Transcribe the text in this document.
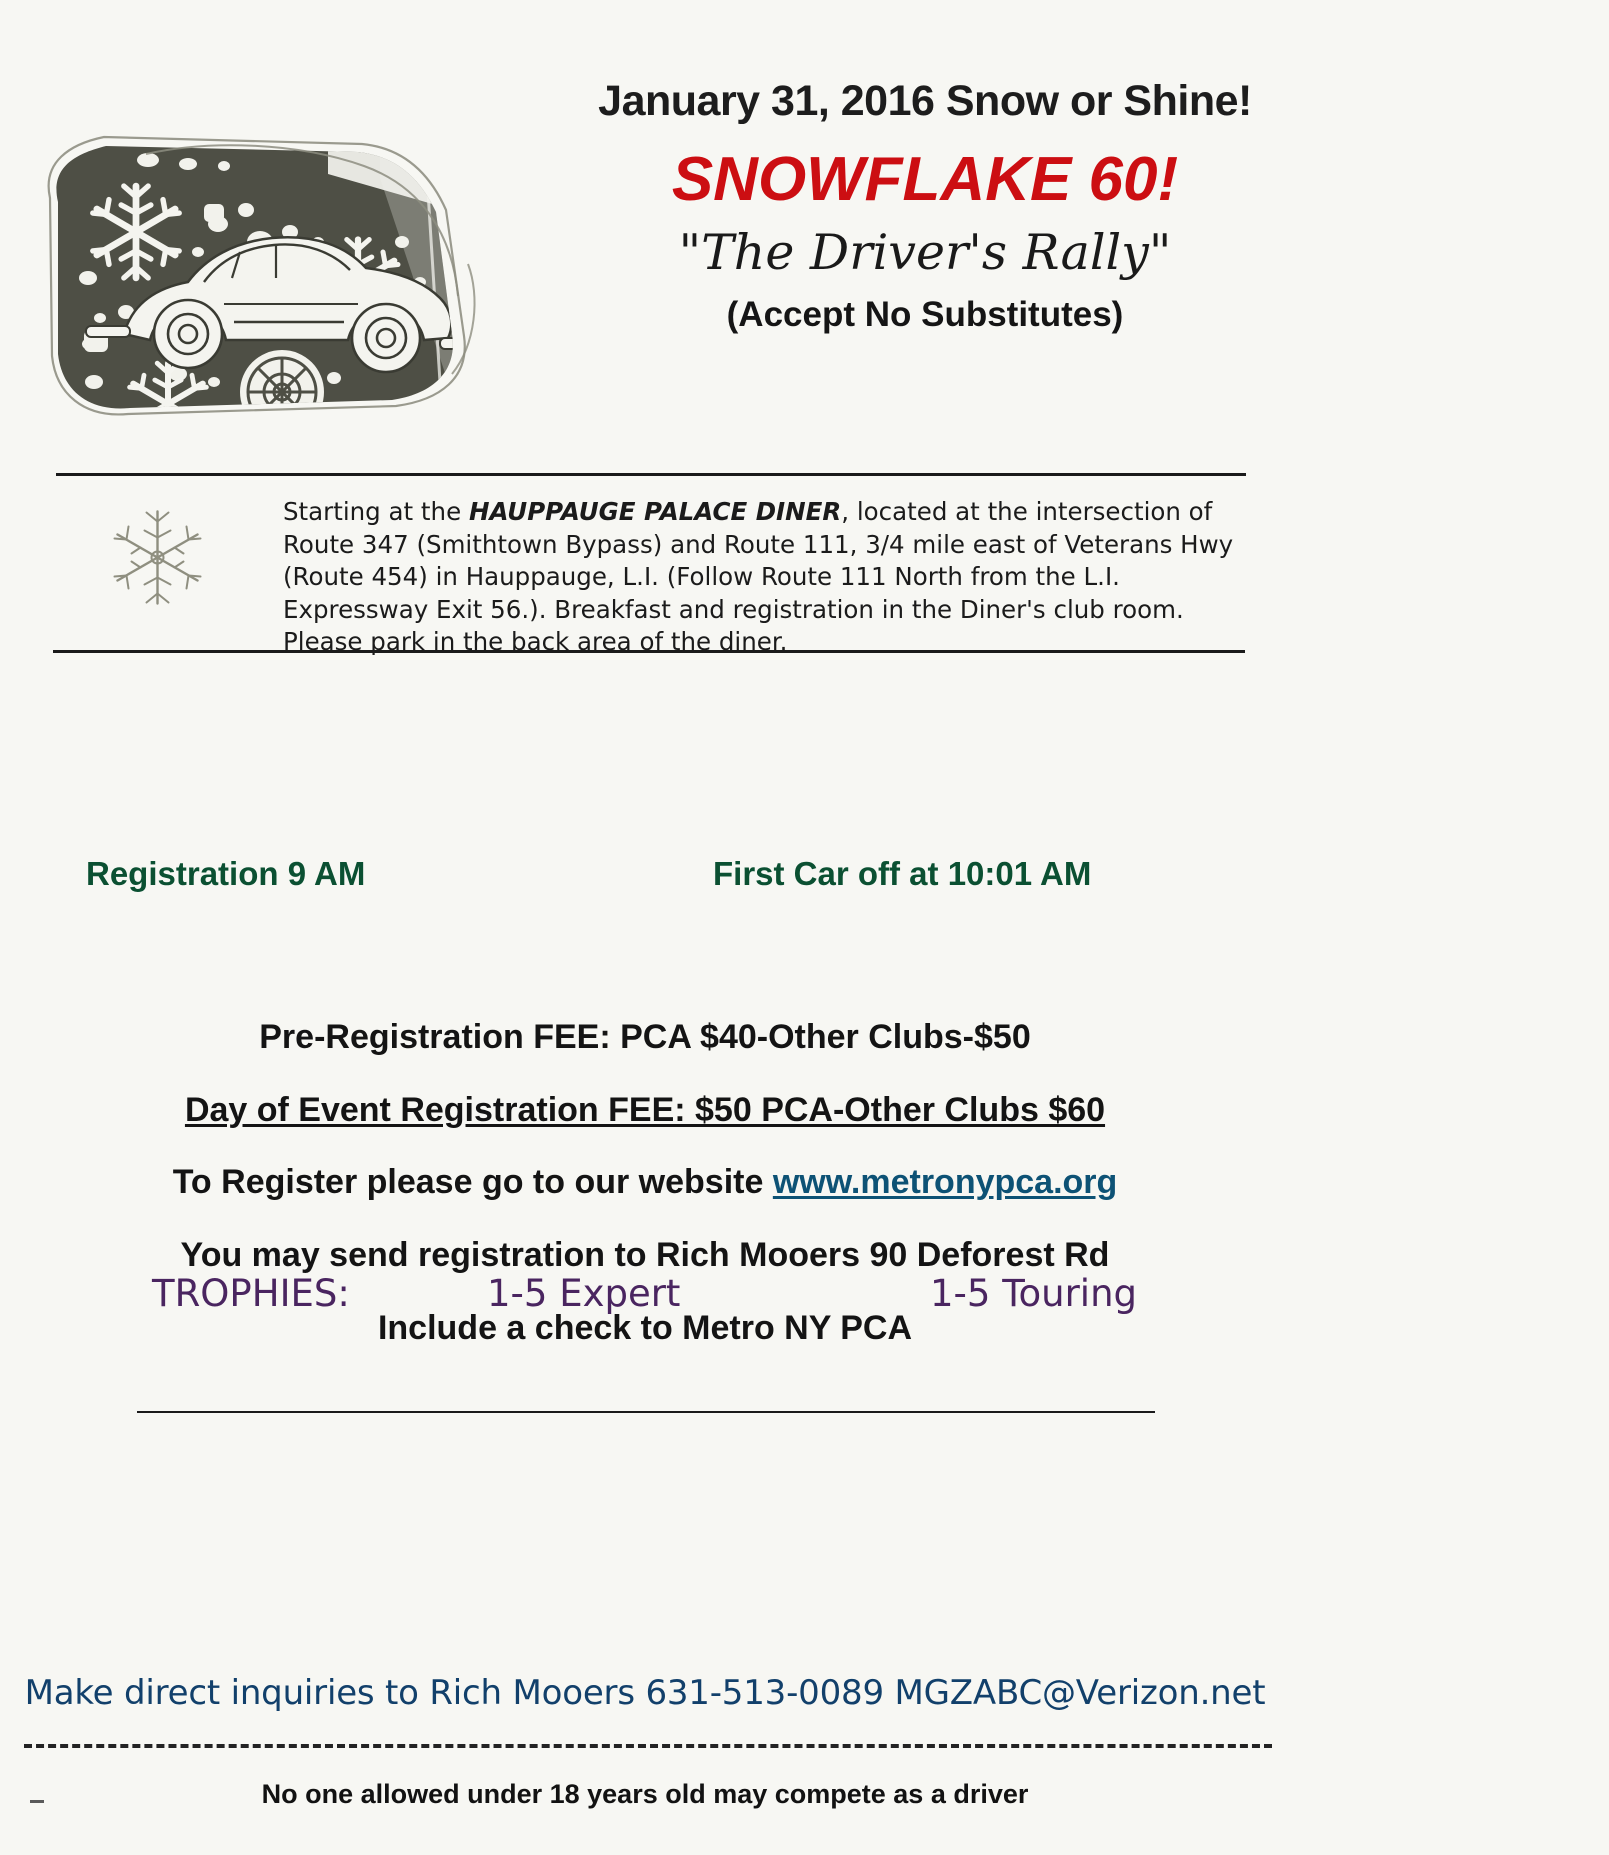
January 31, 2016 Snow or Shine!
SNOWFLAKE 60!
"The Driver's Rally"
(Accept No Substitutes)
Starting at the HAUPPAUGE PALACE DINER, located at the intersection of Route 347 (Smithtown Bypass) and Route 111, 3/4 mile east of Veterans Hwy (Route 454) in Hauppauge, L.I. (Follow Route 111 North from the L.I. Expressway Exit 56.). Breakfast and registration in the Diner's club room. Please park in the back area of the diner.
Registration 9 AM	First Car off at 10:01 AM
Pre-Registration FEE: PCA $40-Other Clubs-$50
Day of Event Registration FEE: $50 PCA-Other Clubs $60
To Register please go to our website www.metronypca.org
You may send registration to Rich Mooers 90 Deforest Rd
Include a check to Metro NY PCA
TROPHIES:	1-5 Expert	1-5 Touring
Make direct inquiries to Rich Mooers 631-513-0089 MGZABC@Verizon.net
No one allowed under 18 years old may compete as a driver
